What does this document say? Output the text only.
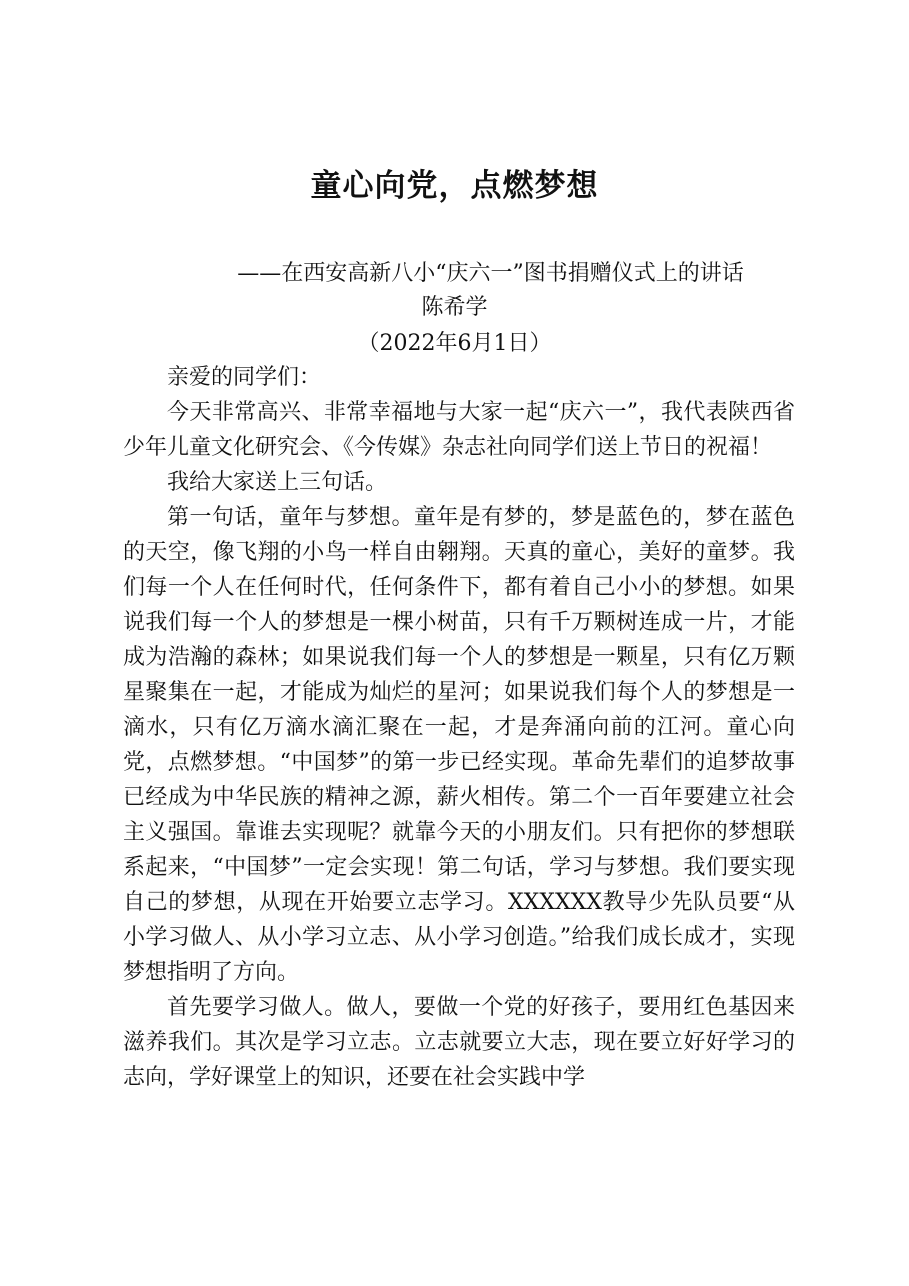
童心向党，点燃梦想
——在西安高新八小“庆六一”图书捐赠仪式上的讲话
陈希学
（2022年6月1日）

亲爱的同学们：

今天非常高兴、非常幸福地与大家一起“庆六一”，我代表陕西省少年儿童文化研究会、《今传媒》杂志社向同学们送上节日的祝福！

我给大家送上三句话。

第一句话，童年与梦想。童年是有梦的，梦是蓝色的，梦在蓝色的天空，像飞翔的小鸟一样自由翱翔。天真的童心，美好的童梦。我们每一个人在任何时代，任何条件下，都有着自己小小的梦想。如果说我们每一个人的梦想是一棵小树苗，只有千万颗树连成一片，才能成为浩瀚的森林；如果说我们每一个人的梦想是一颗星，只有亿万颗星聚集在一起，才能成为灿烂的星河；如果说我们每个人的梦想是一滴水，只有亿万滴水滴汇聚在一起，才是奔涌向前的江河。童心向党，点燃梦想。“中国梦”的第一步已经实现。革命先辈们的追梦故事已经成为中华民族的精神之源，薪火相传。第二个一百年要建立社会主义强国。靠谁去实现呢？就靠今天的小朋友们。只有把你的梦想联系起来，“中国梦”一定会实现！第二句话，学习与梦想。我们要实现自己的梦想，从现在开始要立志学习。XXXXXX教导少先队员要“从小学习做人、从小学习立志、从小学习创造。”给我们成长成才，实现梦想指明了方向。

首先要学习做人。做人，要做一个党的好孩子，要用红色基因来滋养我们。其次是学习立志。立志就要立大志，现在要立好好学习的志向，学好课堂上的知识，还要在社会实践中学
